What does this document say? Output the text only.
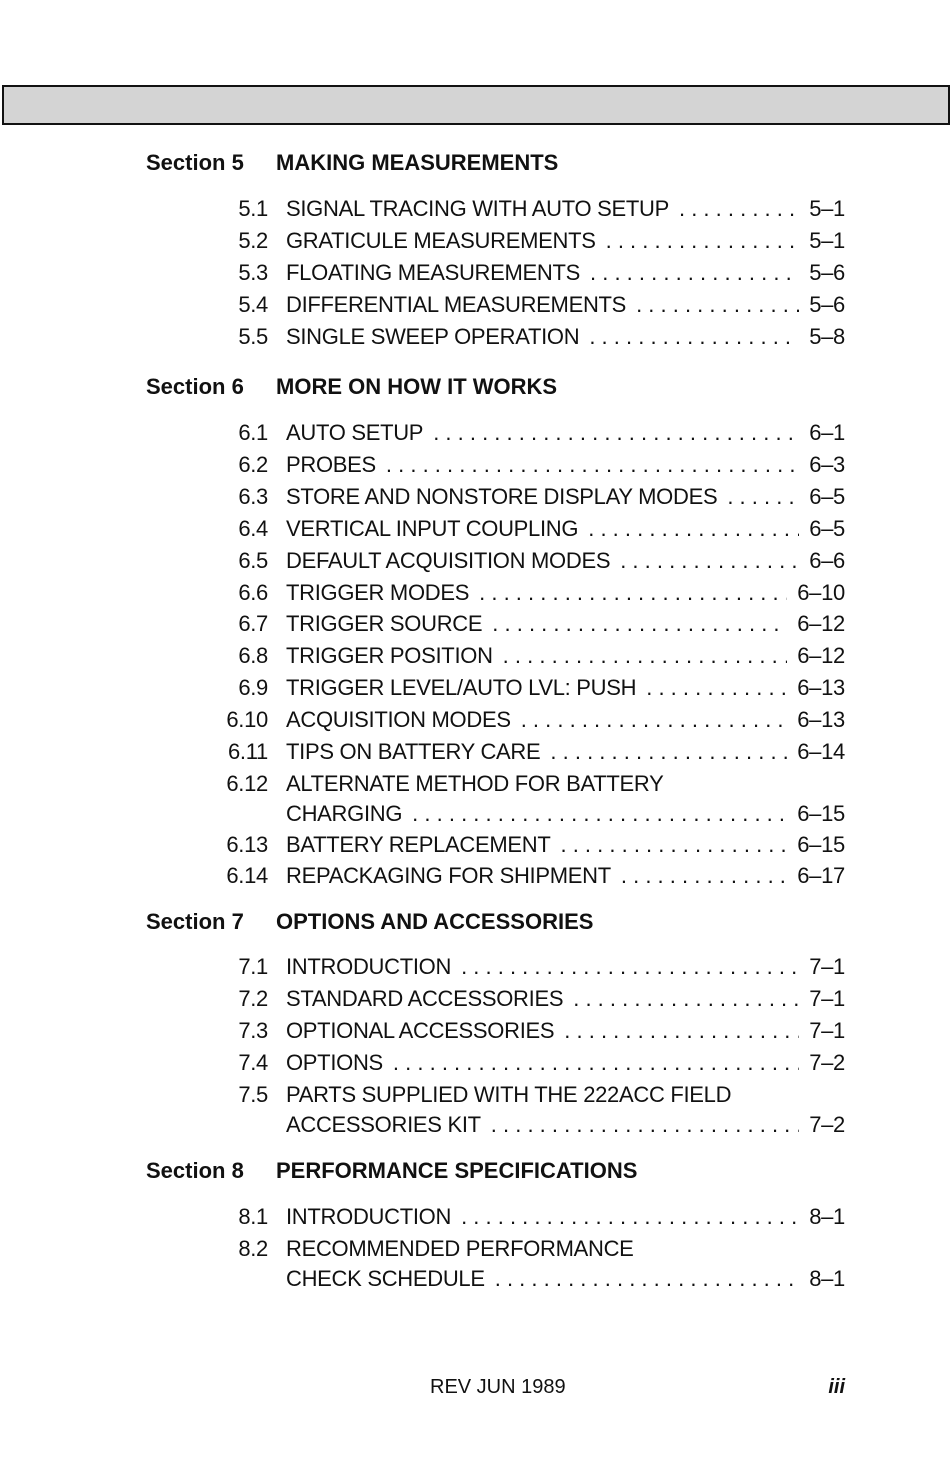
Section 5 MAKING MEASUREMENTS
5.1 SIGNAL TRACING WITH AUTO SETUP . . .	5–1
5.2 GRATICULE MEASUREMENTS . . .	5–1
5.3 FLOATING MEASUREMENTS . . .	5–6
5.4 DIFFERENTIAL MEASUREMENTS . . .	5–6
5.5 SINGLE SWEEP OPERATION . . .	5–8
Section 6 MORE ON HOW IT WORKS
6.1 AUTO SETUP . . .	6–1
6.2 PROBES . . .	6–3
6.3 STORE AND NONSTORE DISPLAY MODES . . .	6–5
6.4 VERTICAL INPUT COUPLING . . .	6–5
6.5 DEFAULT ACQUISITION MODES . . .	6–6
6.6 TRIGGER MODES . . .	6–10
6.7 TRIGGER SOURCE . . .	6–12
6.8 TRIGGER POSITION . . .	6–12
6.9 TRIGGER LEVEL/AUTO LVL: PUSH . . .	6–13
6.10 ACQUISITION MODES . . .	6–13
6.11 TIPS ON BATTERY CARE . . .	6–14
6.12 ALTERNATE METHOD FOR BATTERY
CHARGING . . .	6–15
6.13 BATTERY REPLACEMENT . . .	6–15
6.14 REPACKAGING FOR SHIPMENT . . .	6–17
Section 7 OPTIONS AND ACCESSORIES
7.1 INTRODUCTION . . .	7–1
7.2 STANDARD ACCESSORIES . . .	7–1
7.3 OPTIONAL ACCESSORIES . . .	7–1
7.4 OPTIONS . . .	7–2
7.5 PARTS SUPPLIED WITH THE 222ACC FIELD
ACCESSORIES KIT . . .	7–2
Section 8 PERFORMANCE SPECIFICATIONS
8.1 INTRODUCTION . . .	8–1
8.2 RECOMMENDED PERFORMANCE
CHECK SCHEDULE . . .	8–1
REV JUN 1989	iii
